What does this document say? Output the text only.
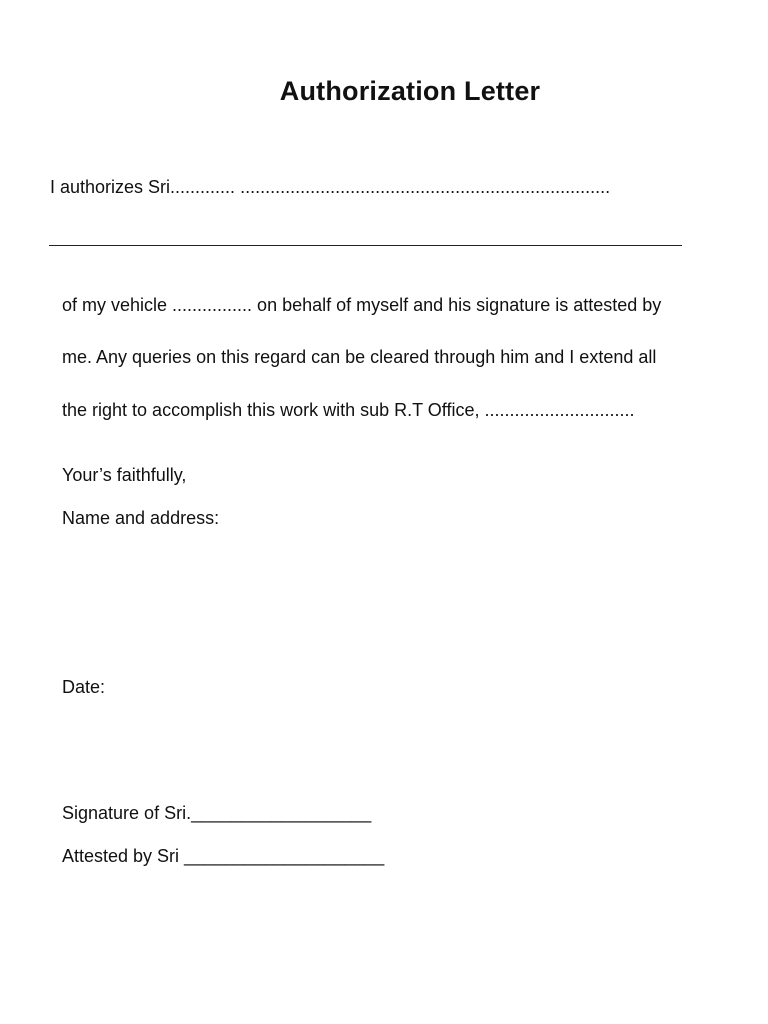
Authorization Letter
I authorizes Sri............. ..........................................................................
of my vehicle ................ on behalf of myself and his signature is attested by
me. Any queries on this regard can be cleared through him and I extend all
the right to accomplish this work with sub R.T Office, ..............................
Your’s faithfully,
Name and address:
Date:
Signature of Sri.__________________
Attested by Sri ____________________
